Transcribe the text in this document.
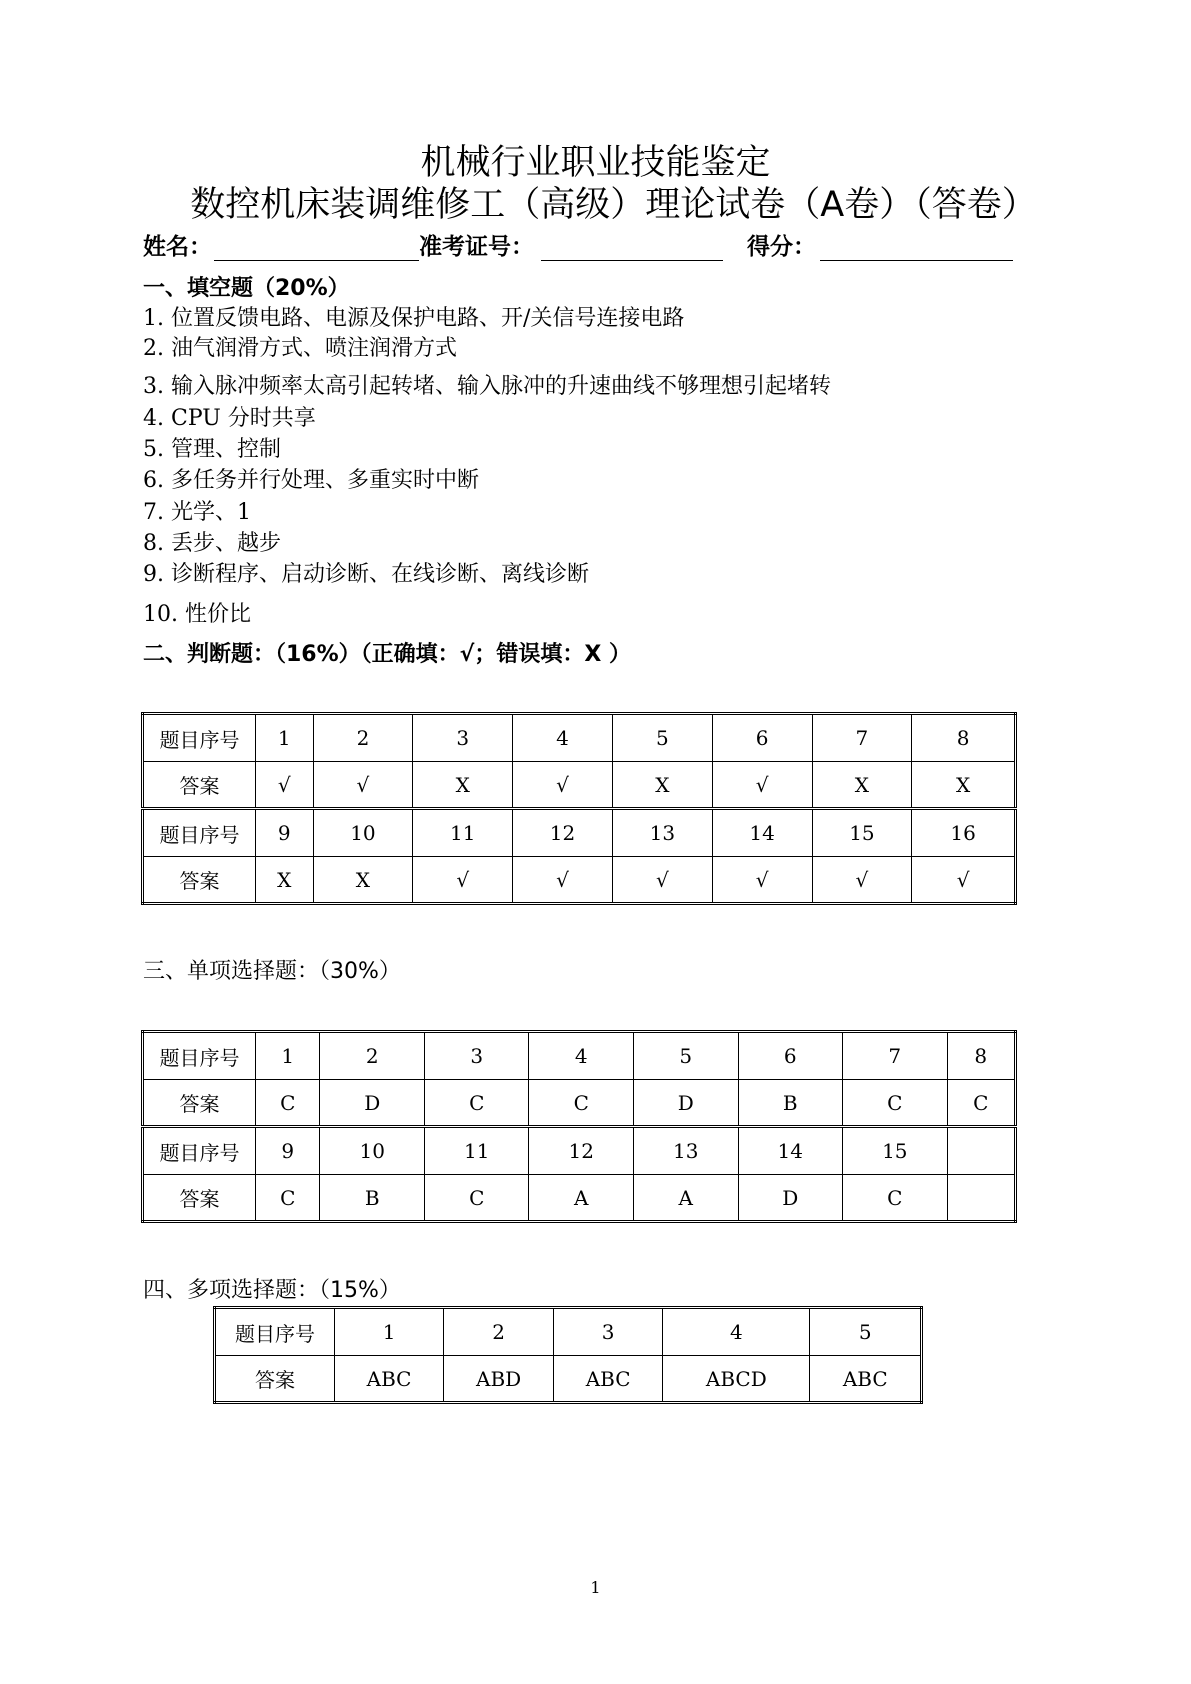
机械行业职业技能鉴定
数控机床装调维修工（高级）理论试卷（A卷）（答卷）
姓名：	准考证号：	得分：
一、填空题（20%）
1. 位置反馈电路、电源及保护电路、开/关信号连接电路
2. 油气润滑方式、喷注润滑方式
3. 输入脉冲频率太高引起转堵、输入脉冲的升速曲线不够理想引起堵转
4. CPU 分时共享
5. 管理、控制
6. 多任务并行处理、多重实时中断
7. 光学、1
8. 丢步、越步
9. 诊断程序、启动诊断、在线诊断、离线诊断
10. 性价比
二、判断题：（16%）（正确填：√；错误填：X ）
题目序号	1	2	3	4	5	6	7	8
答案	√	√	X	√	X	√	X	X
题目序号	9	10	11	12	13	14	15	16
答案	X	X	√	√	√	√	√	√
三、单项选择题：（30%）
题目序号	1	2	3	4	5	6	7	8
答案	C	D	C	C	D	B	C	C
题目序号	9	10	11	12	13	14	15	
答案	C	B	C	A	A	D	C	
四、多项选择题：（15%）
题目序号	1	2	3	4	5
答案	ABC	ABD	ABC	ABCD	ABC
1
